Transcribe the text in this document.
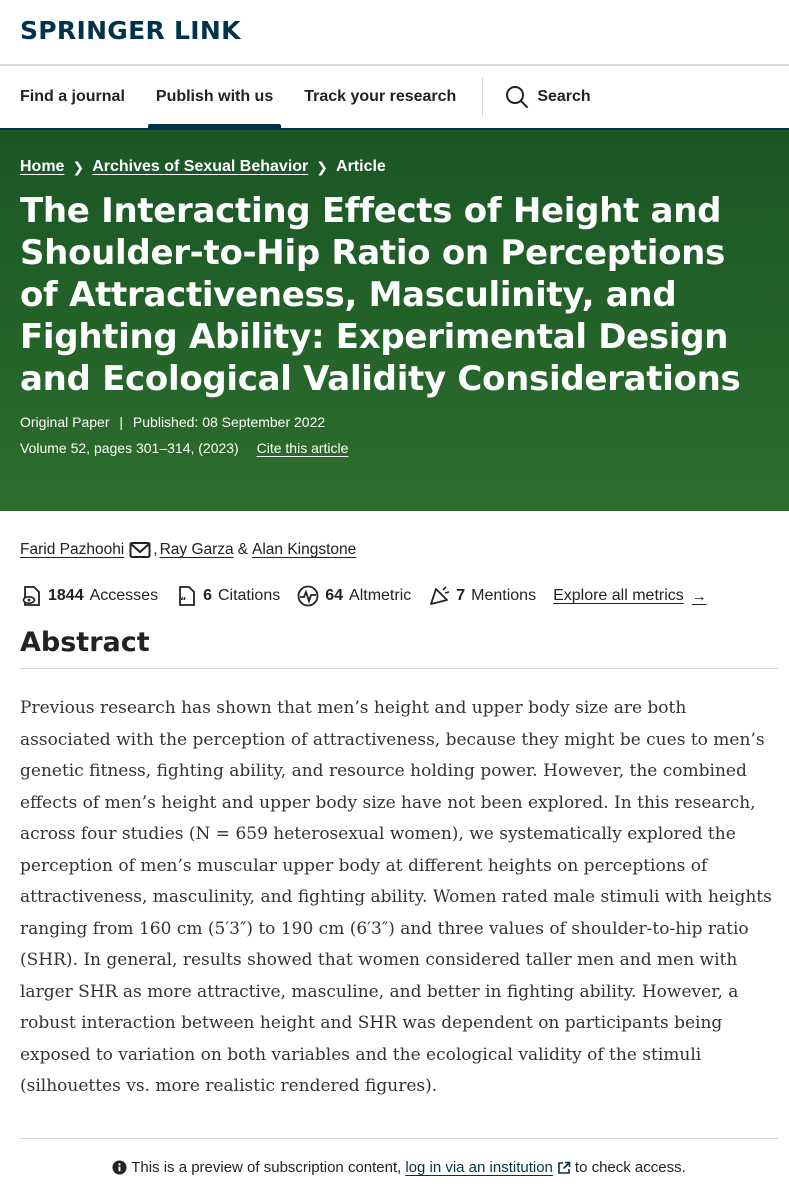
SPRINGER LINK
Find a journal Publish with us Track your research	Search
Home ❯ Archives of Sexual Behavior ❯ Article
The Interacting Effects of Height and Shoulder-to-Hip Ratio on Perceptions of Attractiveness, Masculinity, and Fighting Ability: Experimental Design and Ecological Validity Considerations
Original Paper | Published: 08 September 2022
Volume 52, pages 301–314, (2023) Cite this article
Farid Pazhoohi , Ray Garza & Alan Kingstone
1844 Accesses “ 6 Citations	64 Altmetric	7 Mentions Explore all metrics →
Abstract

Previous research has shown that men’s height and upper body size are both associated with the perception of attractiveness, because they might be cues to men’s genetic fitness, fighting ability, and resource holding power. However, the combined effects of men’s height and upper body size have not been explored. In this research, across four studies (N = 659 heterosexual women), we systematically explored the perception of men’s muscular upper body at different heights on perceptions of attractiveness, masculinity, and fighting ability. Women rated male stimuli with heights ranging from 160 cm (5′3″) to 190 cm (6′3″) and three values of shoulder-to-hip ratio (SHR). In general, results showed that women considered taller men and men with larger SHR as more attractive, masculine, and better in fighting ability. However, a robust interaction between height and SHR was dependent on participants being exposed to variation on both variables and the ecological validity of the stimuli (silhouettes vs. more realistic rendered figures).

This is a preview of subscription content, log in via an institution to check access.
